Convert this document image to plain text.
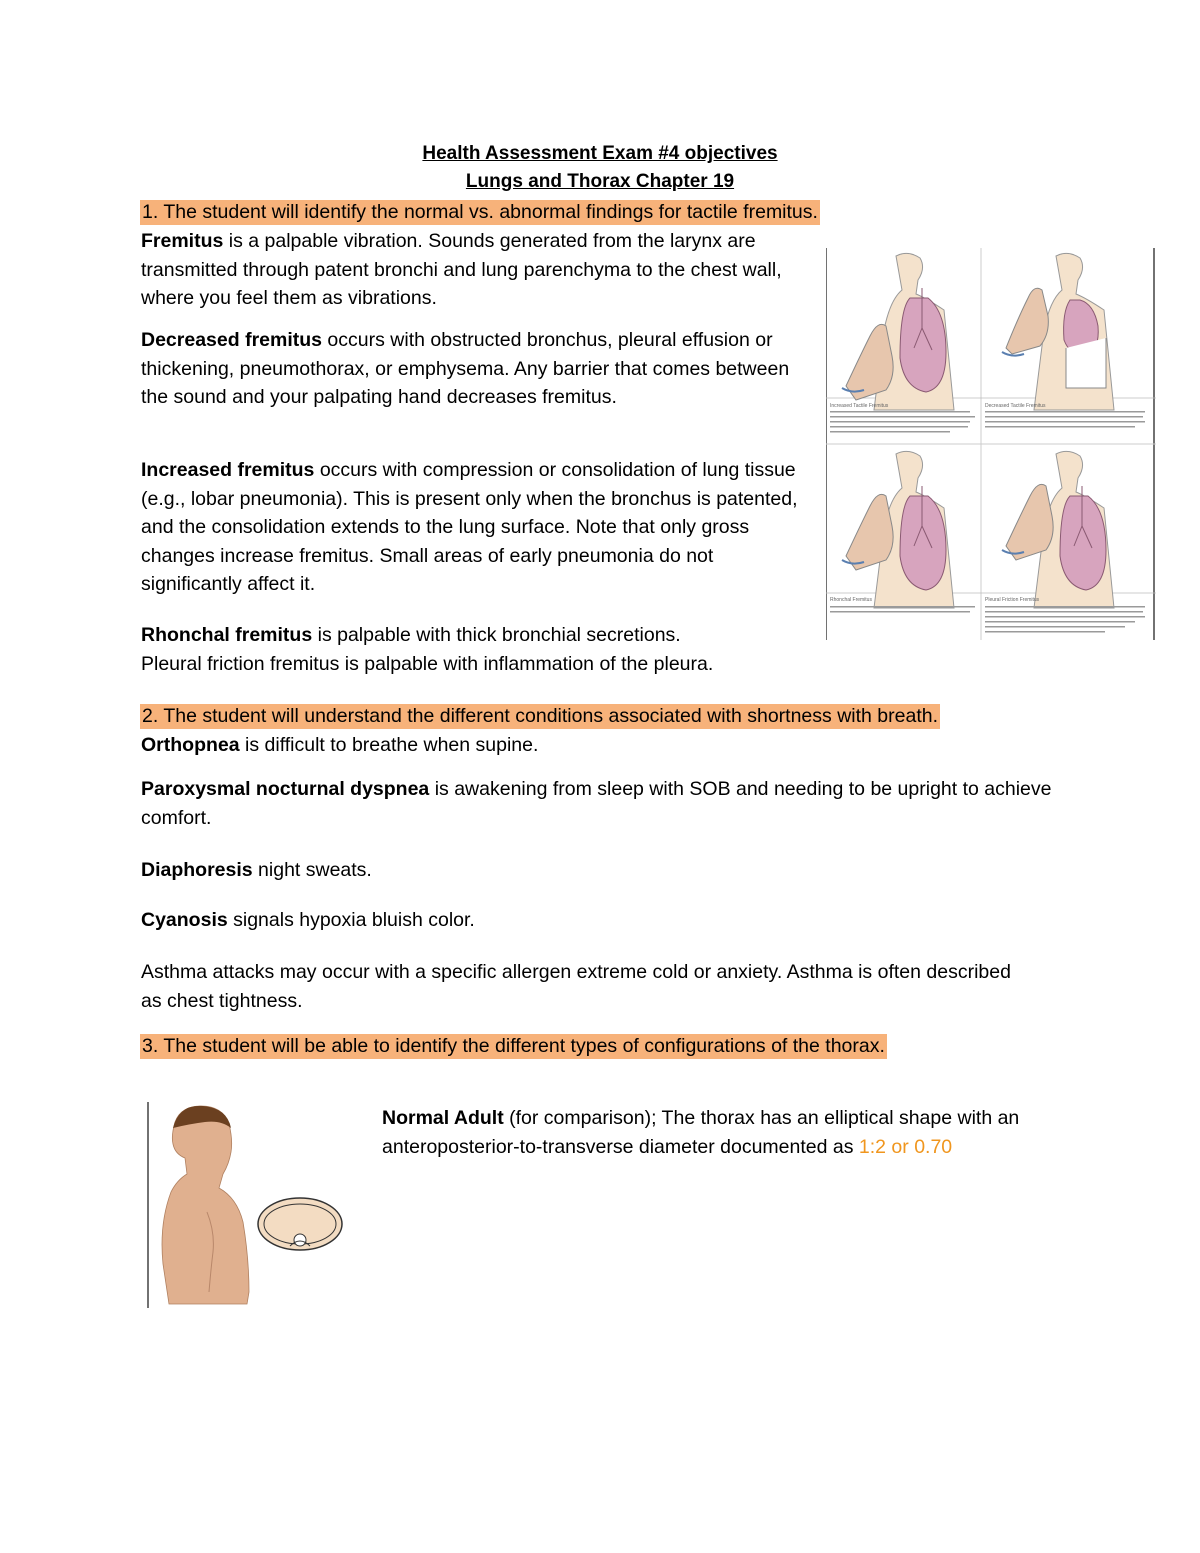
Health Assessment Exam #4 objectives
Lungs and Thorax Chapter 19
1. The student will identify the normal vs. abnormal findings for tactile fremitus.
Fremitus is a palpable vibration. Sounds generated from the larynx are transmitted through patent bronchi and lung parenchyma to the chest wall, where you feel them as vibrations.
Decreased fremitus occurs with obstructed bronchus, pleural effusion or thickening, pneumothorax, or emphysema. Any barrier that comes between the sound and your palpating hand decreases fremitus.
Increased fremitus occurs with compression or consolidation of lung tissue (e.g., lobar pneumonia). This is present only when the bronchus is patented, and the consolidation extends to the lung surface. Note that only gross changes increase fremitus. Small areas of early pneumonia do not significantly affect it.
Rhonchal fremitus is palpable with thick bronchial secretions.
Pleural friction fremitus is palpable with inflammation of the pleura.
Increased Tactile Fremitus	Decreased Tactile Fremitus
Rhonchal Fremitus	Pleural Friction Fremitus
2. The student will understand the different conditions associated with shortness with breath.
Orthopnea is difficult to breathe when supine.
Paroxysmal nocturnal dyspnea is awakening from sleep with SOB and needing to be upright to achieve comfort.
Diaphoresis night sweats.
Cyanosis signals hypoxia bluish color.
Asthma attacks may occur with a specific allergen extreme cold or anxiety. Asthma is often described as chest tightness.
3. The student will be able to identify the different types of configurations of the thorax.
Normal Adult (for comparison); The thorax has an elliptical shape with an anteroposterior-to-transverse diameter documented as 1:2 or 0.70
